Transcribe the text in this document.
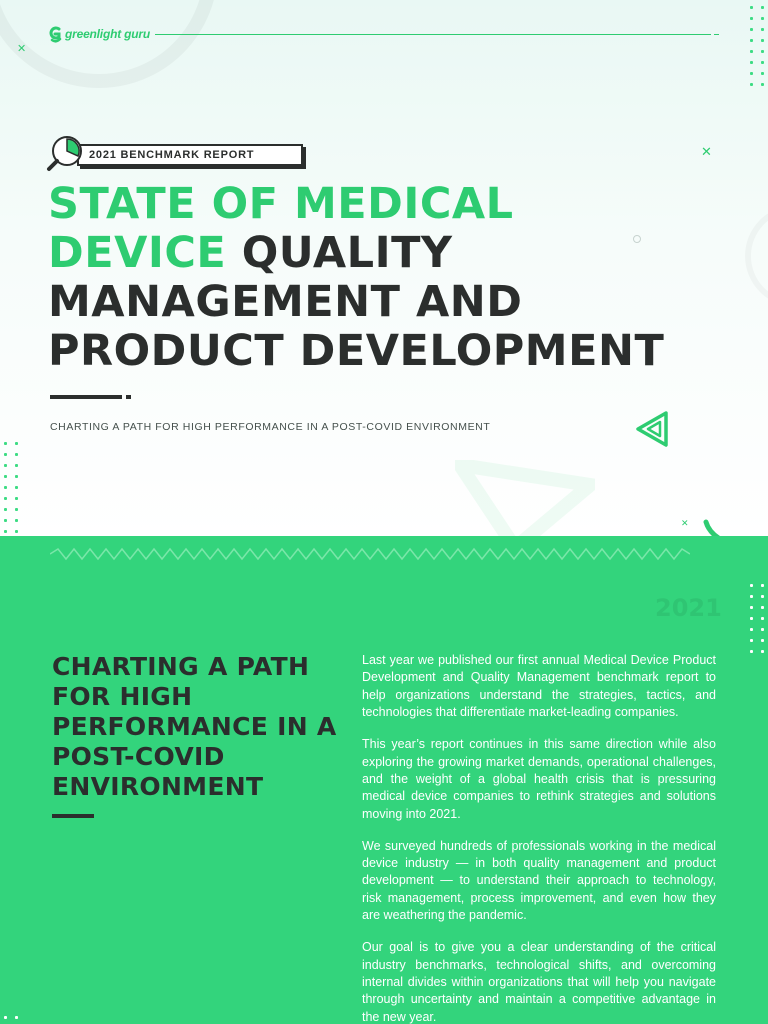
greenlight guru
✕
✕
✕
2021 BENCHMARK REPORT
STATE OF MEDICAL
DEVICE QUALITY
MANAGEMENT AND
PRODUCT DEVELOPMENT
CHARTING A PATH FOR HIGH PERFORMANCE IN A POST-COVID ENVIRONMENT
2021
CHARTING A PATH FOR HIGH PERFORMANCE IN A POST-COVID ENVIRONMENT

Last year we published our first annual Medical Device Product Development and Quality Management benchmark report to help organizations understand the strategies, tactics, and technologies that differentiate market-leading companies.

This year’s report continues in this same direction while also exploring the growing market demands, operational challenges, and the weight of a global health crisis that is pressuring medical device companies to rethink strategies and solutions moving into 2021.

We surveyed hundreds of professionals working in the medical device industry — in both quality management and product development — to understand their approach to technology, risk management, process improvement, and even how they are weathering the pandemic.

Our goal is to give you a clear understanding of the critical industry benchmarks, technological shifts, and overcoming internal divides within organizations that will help you navigate through uncertainty and maintain a competitive advantage in the new year.
